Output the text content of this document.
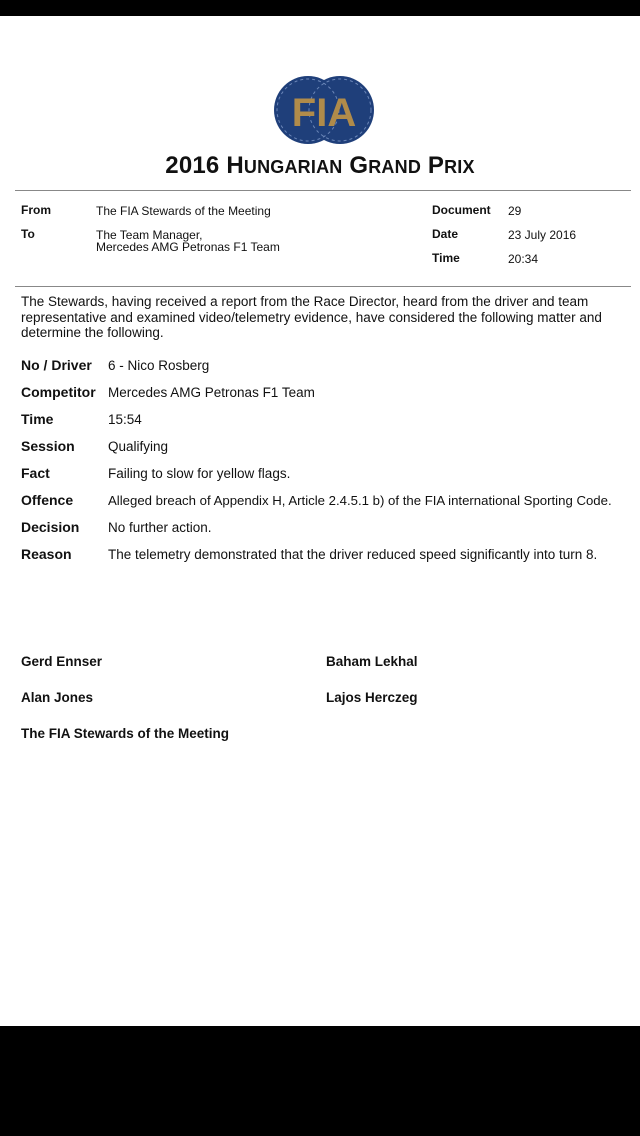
FIA
2016 HUNGARIAN GRAND PRIX
From	The FIA Stewards of the Meeting
To	The Team Manager,
Mercedes AMG Petronas F1 Team
Document 29
Date	23 July 2016
Time	20:34
The Stewards, having received a report from the Race Director, heard from the driver and team representative and examined video/telemetry evidence, have considered the following matter and determine the following.
No / Driver 6 - Nico Rosberg
Competitor Mercedes AMG Petronas F1 Team
Time	15:54
Session Qualifying
Fact	Failing to slow for yellow flags.
Offence	Alleged breach of Appendix H, Article 2.4.5.1 b) of the FIA international Sporting Code.
Decision No further action.
Reason	The telemetry demonstrated that the driver reduced speed significantly into turn 8.
Gerd Ennser	Baham Lekhal
Alan Jones	Lajos Herczeg
The FIA Stewards of the Meeting
